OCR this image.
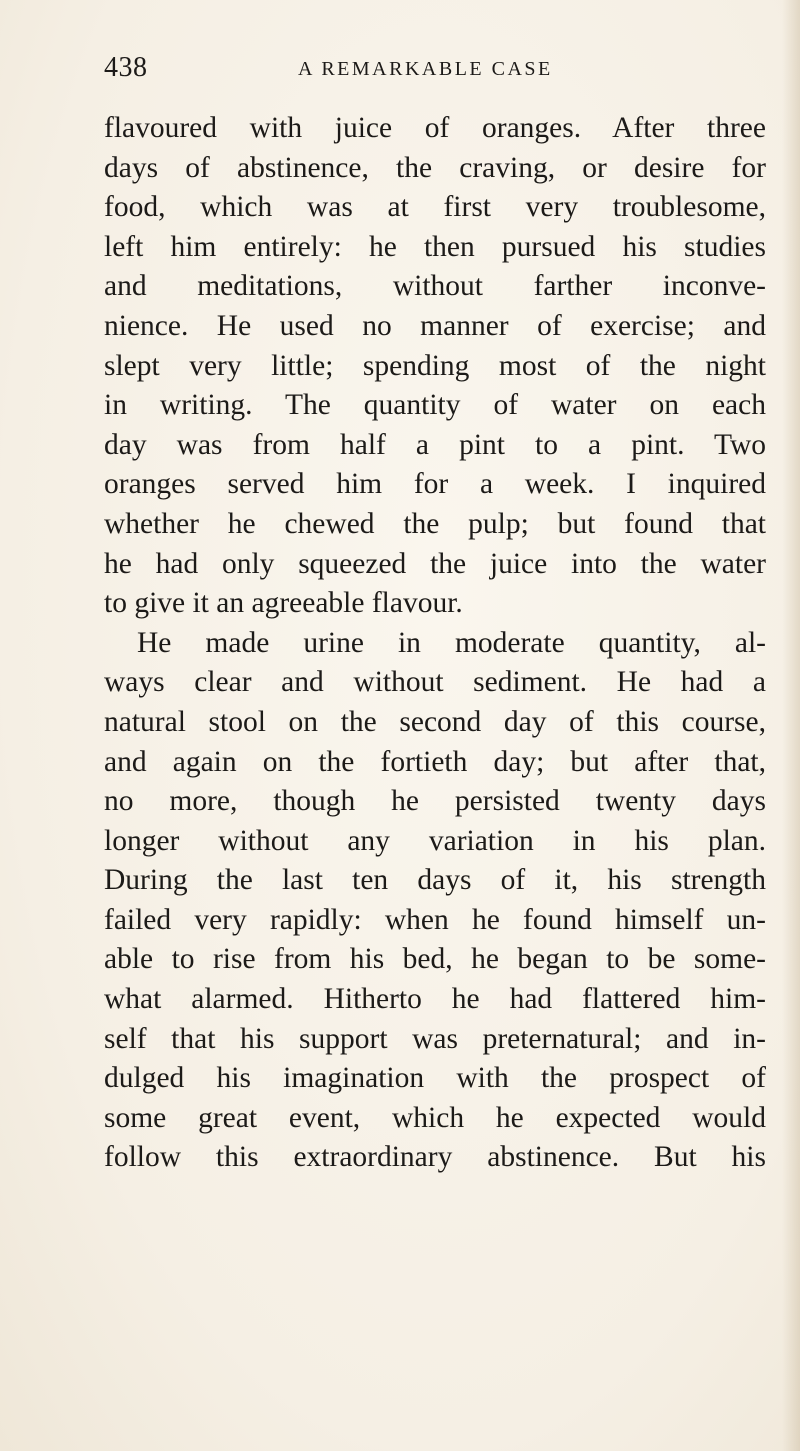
438	A REMARKABLE CASE
flavoured with juice of oranges. After three
days of abstinence, the craving, or desire for
food, which was at first very troublesome,
left him entirely: he then pursued his studies
and meditations, without farther inconve-
nience. He used no manner of exercise; and
slept very little; spending most of the night
in writing. The quantity of water on each
day was from half a pint to a pint. Two
oranges served him for a week. I inquired
whether he chewed the pulp; but found that
he had only squeezed the juice into the water
to give it an agreeable flavour.
He made urine in moderate quantity, al-
ways clear and without sediment. He had a
natural stool on the second day of this course,
and again on the fortieth day; but after that,
no more, though he persisted twenty days
longer without any variation in his plan.
During the last ten days of it, his strength
failed very rapidly: when he found himself un-
able to rise from his bed, he began to be some-
what alarmed. Hitherto he had flattered him-
self that his support was preternatural; and in-
dulged his imagination with the prospect of
some great event, which he expected would
follow this extraordinary abstinence. But his
